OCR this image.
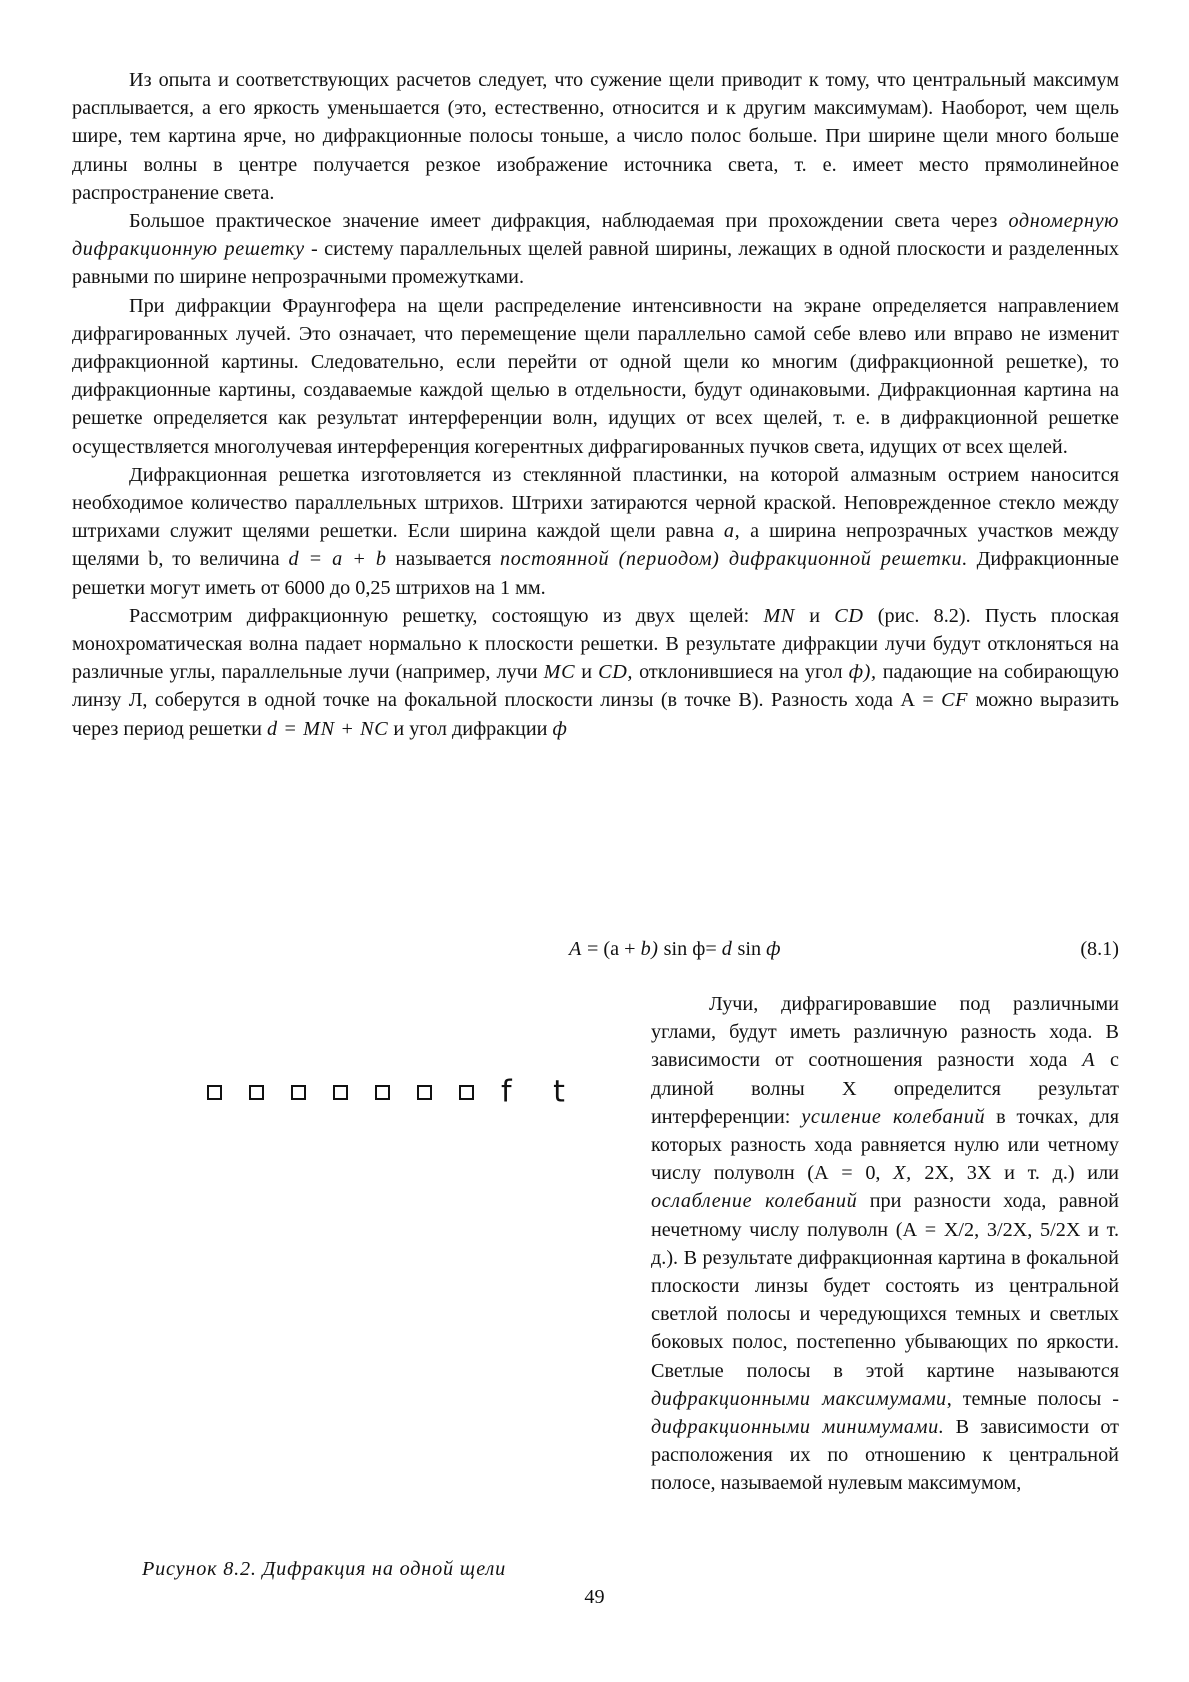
Из опыта и соответствующих расчетов следует, что сужение щели приводит к тому, что центральный максимум расплывается, а его яркость уменьшается (это, естественно, относится и к другим максимумам). Наоборот, чем щель шире, тем картина ярче, но дифракционные полосы тоньше, а число полос больше. При ширине щели много больше длины волны в центре получается резкое изображение источника света, т. е. имеет место прямолинейное распространение света.

Большое практическое значение имеет дифракция, наблюдаемая при прохождении света через одномерную дифракционную решетку - систему параллельных щелей равной ширины, лежащих в одной плоскости и разделенных равными по ширине непрозрачными промежутками.

При дифракции Фраунгофера на щели распределение интенсивности на экране определяется направлением дифрагированных лучей. Это означает, что перемещение щели параллельно самой себе влево или вправо не изменит дифракционной картины. Следовательно, если перейти от одной щели ко многим (дифракционной решетке), то дифракционные картины, создаваемые каждой щелью в отдельности, будут одинаковыми. Дифракционная картина на решетке определяется как результат интерференции волн, идущих от всех щелей, т. е. в дифракционной решетке осуществляется многолучевая интерференция когерентных дифрагированных пучков света, идущих от всех щелей.

Дифракционная решетка изготовляется из стеклянной пластинки, на которой алмазным острием наносится необходимое количество параллельных штрихов. Штрихи затираются черной краской. Неповрежденное стекло между штрихами служит щелями решетки. Если ширина каждой щели равна а, а ширина непрозрачных участков между щелями b, то величина d = a + b называется постоянной (периодом) дифракционной решетки. Дифракционные решетки могут иметь от 6000 до 0,25 штрихов на 1 мм.

Рассмотрим дифракционную решетку, состоящую из двух щелей: MN и CD (рис. 8.2). Пусть плоская монохроматическая волна падает нормально к плоскости решетки. В результате дифракции лучи будут отклоняться на различные углы, параллельные лучи (например, лучи MC и CD, отклонившиеся на угол ф), падающие на собирающую линзу Л, соберутся в одной точке на фокальной плоскости линзы (в точке В). Разность хода А = CF можно выразить через период решетки d = MN + NC и угол дифракции ф

A = (a + b) sin ф= d sin ф	(8.1)
f t
Рисунок 8.2. Дифракция на одной щели

Лучи, дифрагировавшие под различными углами, будут иметь различную разность хода. В зависимости от соотношения разности хода А с длиной волны X определится результат интерференции: усиление колебаний в точках, для которых разность хода равняется нулю или четному числу полуволн (А = 0, X, 2X, 3X и т. д.) или ослабление колебаний при разности хода, равной нечетному числу полуволн (А = X/2, 3/2X, 5/2X и т. д.). В результате дифракционная картина в фокальной плоскости линзы будет состоять из центральной светлой полосы и чередующихся темных и светлых боковых полос, постепенно убывающих по яркости. Светлые полосы в этой картине называются дифракционными максимумами, темные полосы - дифракционными минимумами. В зависимости от расположения их по отношению к центральной полосе, называемой нулевым максимумом,

49
